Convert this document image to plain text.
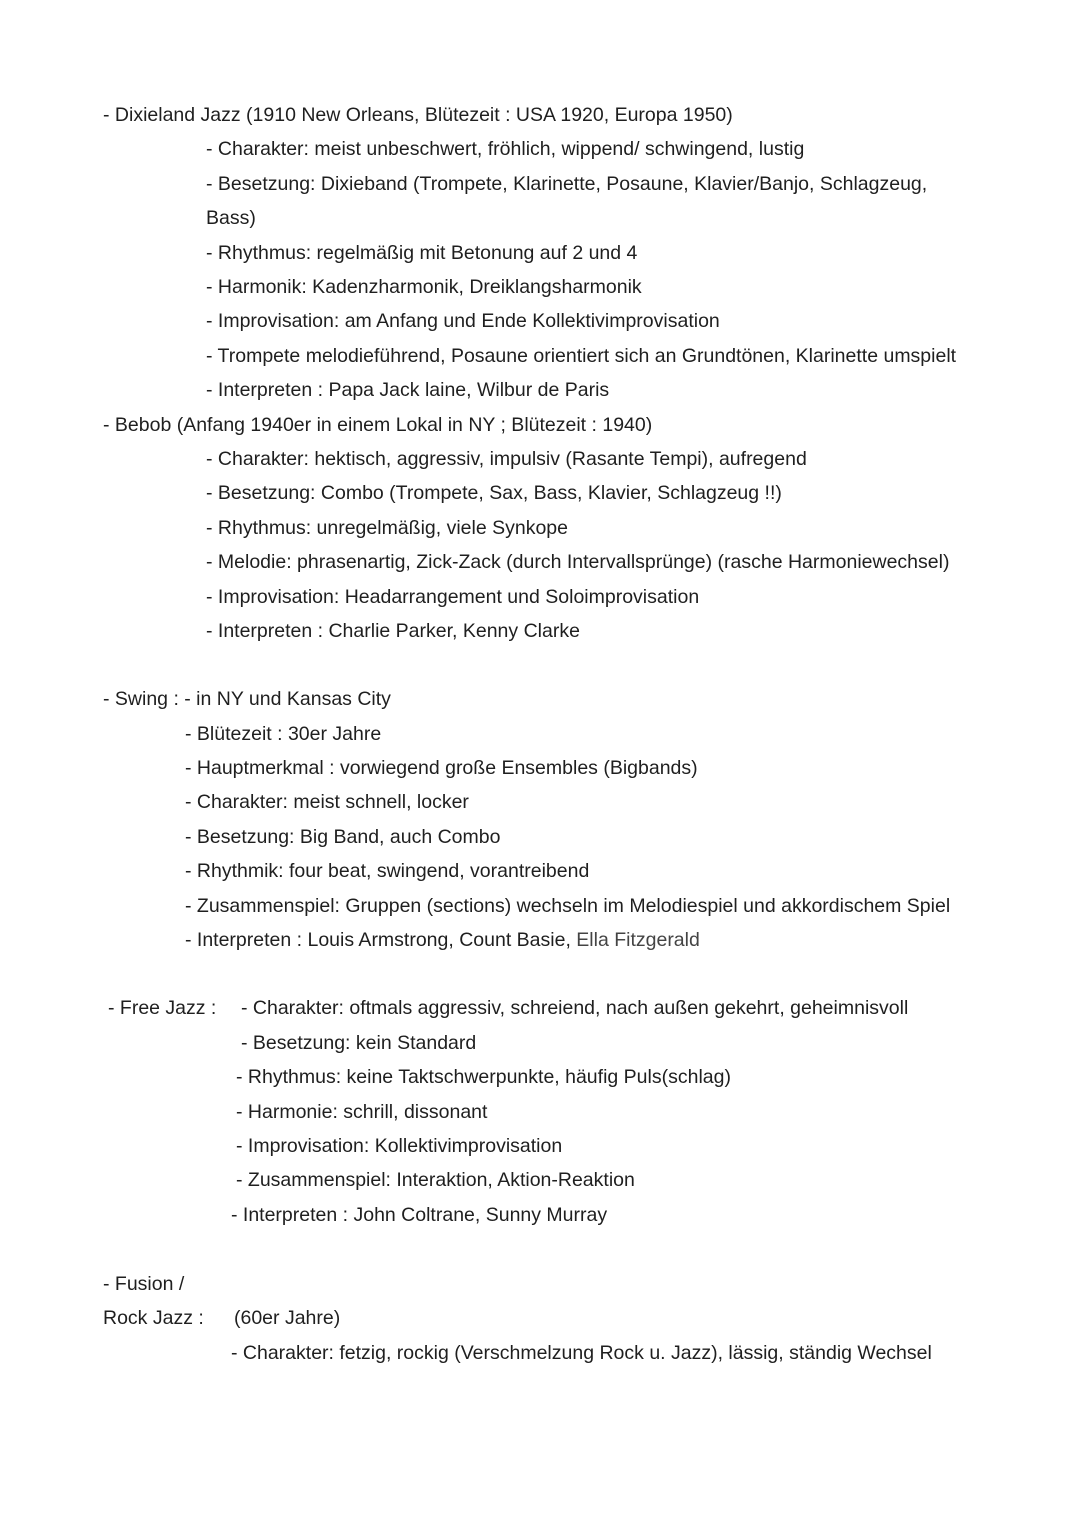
- Dixieland Jazz (1910 New Orleans, Blütezeit : USA 1920, Europa 1950)
- Charakter: meist unbeschwert, fröhlich, wippend/ schwingend, lustig
- Besetzung: Dixieband (Trompete, Klarinette, Posaune, Klavier/Banjo, Schlagzeug,
Bass)
- Rhythmus: regelmäßig mit Betonung auf 2 und 4
- Harmonik: Kadenzharmonik, Dreiklangsharmonik
- Improvisation: am Anfang und Ende Kollektivimprovisation
- Trompete melodieführend, Posaune orientiert sich an Grundtönen, Klarinette umspielt
- Interpreten : Papa Jack laine, Wilbur de Paris
- Bebob (Anfang 1940er in einem Lokal in NY ; Blütezeit : 1940)
- Charakter: hektisch, aggressiv, impulsiv (Rasante Tempi), aufregend
- Besetzung: Combo (Trompete, Sax, Bass, Klavier, Schlagzeug !!)
- Rhythmus: unregelmäßig, viele Synkope
- Melodie: phrasenartig, Zick-Zack (durch Intervallsprünge) (rasche Harmoniewechsel)
- Improvisation: Headarrangement und Soloimprovisation
- Interpreten : Charlie Parker, Kenny Clarke
- Swing : - in NY und Kansas City
- Blütezeit : 30er Jahre
- Hauptmerkmal : vorwiegend große Ensembles (Bigbands)
- Charakter: meist schnell, locker
- Besetzung: Big Band, auch Combo
- Rhythmik: four beat, swingend, vorantreibend
- Zusammenspiel: Gruppen (sections) wechseln im Melodiespiel und akkordischem Spiel
- Interpreten : Louis Armstrong, Count Basie, Ella Fitzgerald
- Free Jazz : - Charakter: oftmals aggressiv, schreiend, nach außen gekehrt, geheimnisvoll
- Besetzung: kein Standard
- Rhythmus: keine Taktschwerpunkte, häufig Puls(schlag)
- Harmonie: schrill, dissonant
- Improvisation: Kollektivimprovisation
- Zusammenspiel: Interaktion, Aktion-Reaktion
- Interpreten : John Coltrane, Sunny Murray
- Fusion /
Rock Jazz : (60er Jahre)
- Charakter: fetzig, rockig (Verschmelzung Rock u. Jazz), lässig, ständig Wechsel
